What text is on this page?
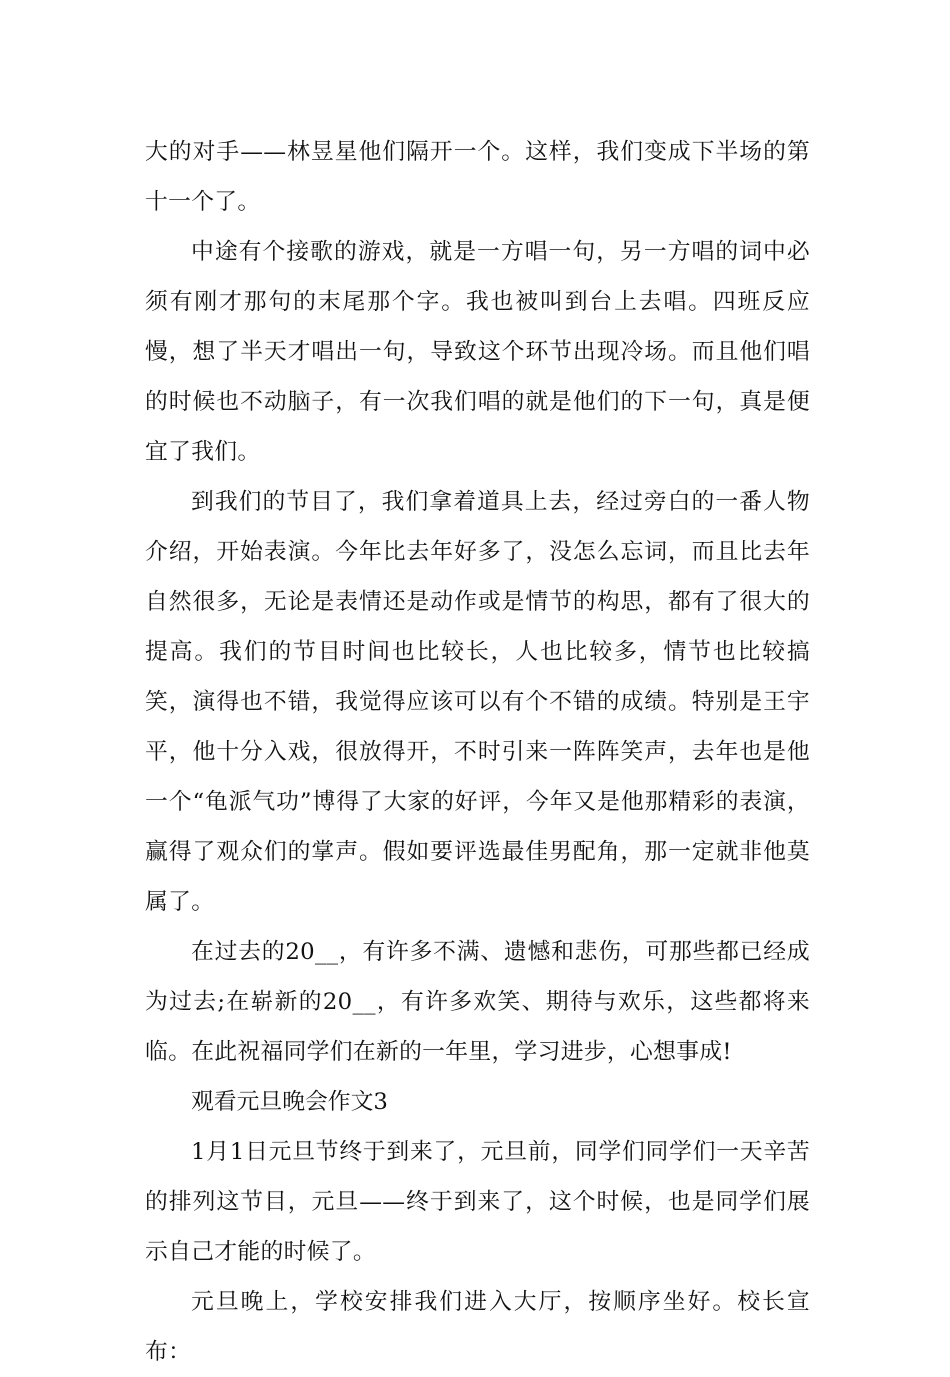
大的对手——林昱星他们隔开一个。这样，我们变成下半场的第十一个了。

中途有个接歌的游戏，就是一方唱一句，另一方唱的词中必须有刚才那句的末尾那个字。我也被叫到台上去唱。四班反应慢，想了半天才唱出一句，导致这个环节出现冷场。而且他们唱的时候也不动脑子，有一次我们唱的就是他们的下一句，真是便宜了我们。

到我们的节目了，我们拿着道具上去，经过旁白的一番人物介绍，开始表演。今年比去年好多了，没怎么忘词，而且比去年自然很多，无论是表情还是动作或是情节的构思，都有了很大的提高。我们的节目时间也比较长，人也比较多，情节也比较搞笑，演得也不错，我觉得应该可以有个不错的成绩。特别是王宇平，他十分入戏，很放得开，不时引来一阵阵笑声，去年也是他一个“龟派气功”博得了大家的好评，今年又是他那精彩的表演，赢得了观众们的掌声。假如要评选最佳男配角，那一定就非他莫属了。

在过去的20__，有许多不满、遗憾和悲伤，可那些都已经成为过去;在崭新的20__，有许多欢笑、期待与欢乐，这些都将来临。在此祝福同学们在新的一年里，学习进步，心想事成!

观看元旦晚会作文3

1月1日元旦节终于到来了，元旦前，同学们同学们一天辛苦的排列这节目，元旦——终于到来了，这个时候，也是同学们展示自己才能的时候了。

元旦晚上，学校安排我们进入大厅，按顺序坐好。校长宣布：
